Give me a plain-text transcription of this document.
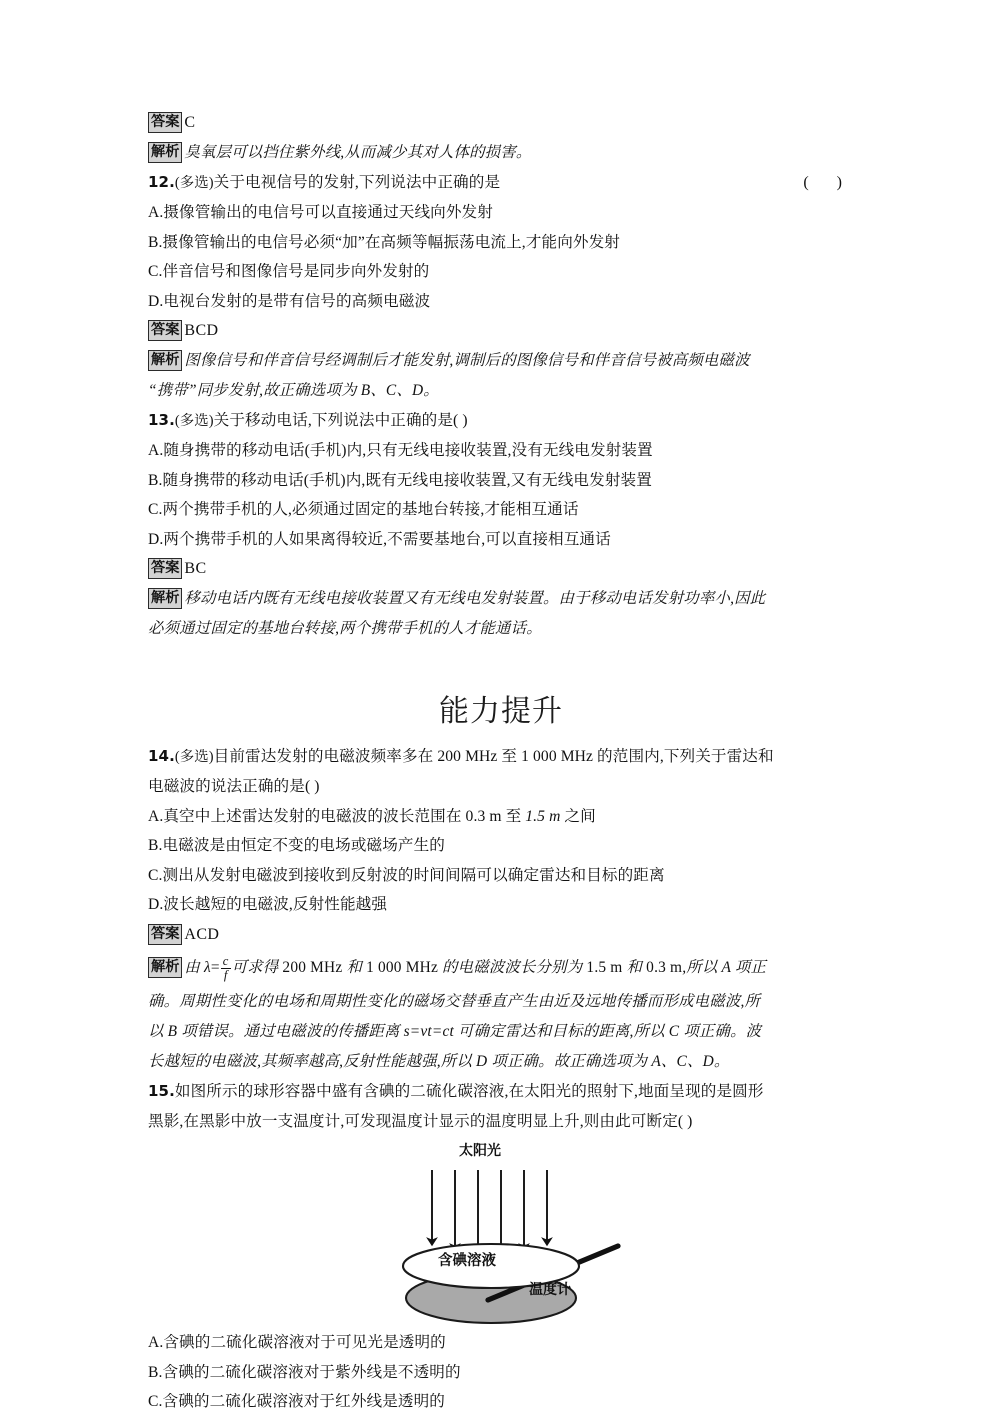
答案 C
解析 臭氧层可以挡住紫外线,从而减少其对人体的损害。
12.(多选)关于电视信号的发射,下列说法中正确的是	( )
A.摄像管输出的电信号可以直接通过天线向外发射
B.摄像管输出的电信号必须“加”在高频等幅振荡电流上,才能向外发射
C.伴音信号和图像信号是同步向外发射的
D.电视台发射的是带有信号的高频电磁波
答案 BCD
解析 图像信号和伴音信号经调制后才能发射,调制后的图像信号和伴音信号被高频电磁波
“携带”同步发射,故正确选项为 B、C、D。
13.(多选)关于移动电话,下列说法中正确的是( )
A.随身携带的移动电话(手机)内,只有无线电接收装置,没有无线电发射装置
B.随身携带的移动电话(手机)内,既有无线电接收装置,又有无线电发射装置
C.两个携带手机的人,必须通过固定的基地台转接,才能相互通话
D.两个携带手机的人如果离得较近,不需要基地台,可以直接相互通话
答案 BC
解析 移动电话内既有无线电接收装置又有无线电发射装置。由于移动电话发射功率小,因此
必须通过固定的基地台转接,两个携带手机的人才能通话。
能力提升
14.(多选)目前雷达发射的电磁波频率多在 200 MHz 至 1 000 MHz 的范围内,下列关于雷达和
电磁波的说法正确的是( )
A.真空中上述雷达发射的电磁波的波长范围在 0.3 m 至 1.5 m 之间
B.电磁波是由恒定不变的电场或磁场产生的
C.测出从发射电磁波到接收到反射波的时间间隔可以确定雷达和目标的距离
D.波长越短的电磁波,反射性能越强
答案 ACD
解析 由 $\lambda= \frac{c}{f}$ 可求得 200 MHz 和 1 000 MHz 的电磁波波长分别为 1.5 m 和 0.3 m,所以 A 项正
确。周期性变化的电场和周期性变化的磁场交替垂直产生由近及远地传播而形成电磁波,所
以 B 项错误。通过电磁波的传播距离 s=vt=ct 可确定雷达和目标的距离,所以 C 项正确。波
长越短的电磁波,其频率越高,反射性能越强,所以 D 项正确。故正确选项为 A、C、D。
15.如图所示的球形容器中盛有含碘的二硫化碳溶液,在太阳光的照射下,地面呈现的是圆形
黑影,在黑影中放一支温度计,可发现温度计显示的温度明显上升,则由此可断定( )
太阳光
含碘溶液
温度计
A.含碘的二硫化碳溶液对于可见光是透明的
B.含碘的二硫化碳溶液对于紫外线是不透明的
C.含碘的二硫化碳溶液对于红外线是透明的
